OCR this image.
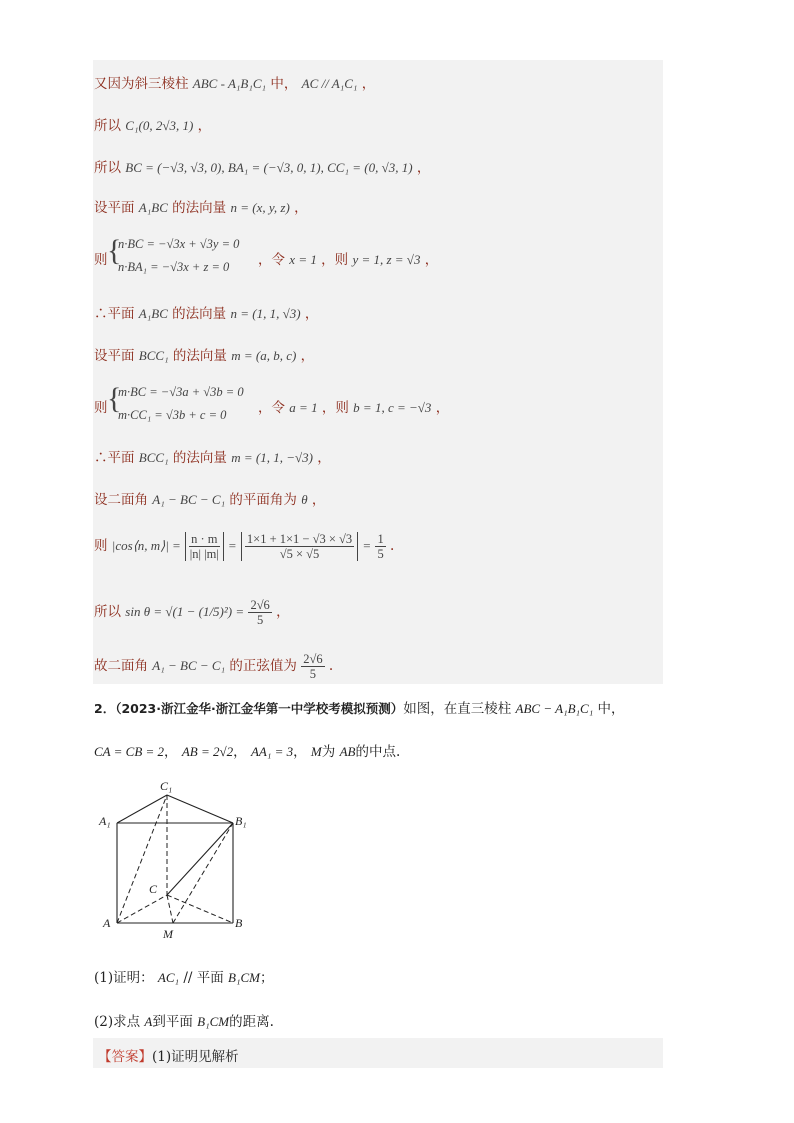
又因为斜三棱柱 ABC - A₁B₁C₁ 中， AC // A₁C₁ ，
所以 C₁(0, 2√3, 1) ，
所以 BC = (−√3, √3, 0), BA₁ = (−√3, 0, 1), CC₁ = (0, √3, 1) ，
设平面 A₁BC 的法向量 n = (x, y, z) ，
则 {
n·BC = −√3x + √3y = 0
n·BA₁ = −√3x + z = 0 ，令 x = 1 ，则 y = 1, z = √3 ，
∴平面 A₁BC 的法向量 n = (1, 1, √3) ，
设平面 BCC₁ 的法向量 m = (a, b, c) ，
则 {
m·BC = −√3a + √3b = 0
m·CC₁ = √3b + c = 0 ，令 a = 1 ，则 b = 1, c = −√3 ，
∴平面 BCC₁ 的法向量 m = (1, 1, −√3) ，
设二面角 A₁ − BC − C₁ 的平面角为 θ ，
则 |cos⟨n, m⟩| = $\frac{n \cdot m}{|n| |m|} = \frac{1\times 1 + 1\times 1 - √3 \times √3}{√5 \times √5} = \frac{1}{5}$ .
所以 $\sin \theta = √(1 - (1/5)^2) = \frac{2√6}{5}$ ，
故二面角 A₁ − BC − C₁ 的正弦值为 $\frac{2√6}{5}$ .
2．（2023·浙江金华·浙江金华第一中学校考模拟预测）如图，在直三棱柱 ABC − A₁B₁C₁ 中，
CA = CB = 2， AB = 2√2， AA₁ = 3， M为 AB的中点.
C₁
A₁	B₁
C
A
M
B
(1)证明： AC₁ // 平面 B₁CM；
(2)求点 A到平面 B₁CM的距离.
【答案】(1)证明见解析
